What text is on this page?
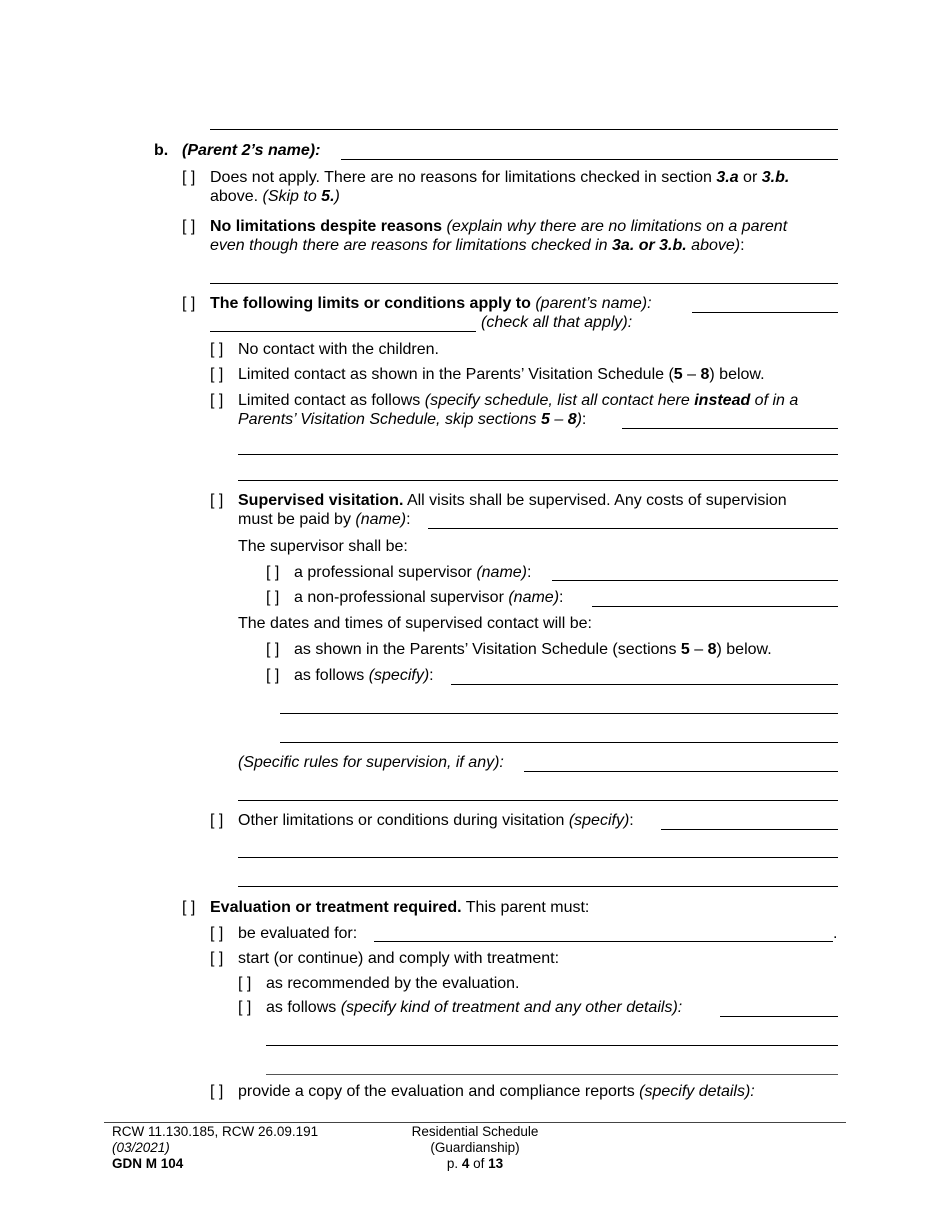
b. (Parent 2’s name):
[ ] Does not apply. There are no reasons for limitations checked in section 3.a or 3.b.
above. (Skip to 5.)
[ ] No limitations despite reasons (explain why there are no limitations on a parent
even though there are reasons for limitations checked in 3a. or 3.b. above):
[ ] The following limits or conditions apply to (parent’s name):
(check all that apply):
[ ] No contact with the children.
[ ] Limited contact as shown in the Parents’ Visitation Schedule (5 – 8) below.
[ ] Limited contact as follows (specify schedule, list all contact here instead of in a
Parents’ Visitation Schedule, skip sections 5 – 8):
[ ] Supervised visitation. All visits shall be supervised. Any costs of supervision
must be paid by (name):
The supervisor shall be:
[ ] a professional supervisor (name):
[ ] a non-professional supervisor (name):
The dates and times of supervised contact will be:
[ ] as shown in the Parents’ Visitation Schedule (sections 5 – 8) below.
[ ] as follows (specify):
(Specific rules for supervision, if any):
[ ] Other limitations or conditions during visitation (specify):
[ ] Evaluation or treatment required. This parent must:
[ ] be evaluated for:	.
[ ] start (or continue) and comply with treatment:
[ ] as recommended by the evaluation.
[ ] as follows (specify kind of treatment and any other details):
[ ] provide a copy of the evaluation and compliance reports (specify details):
RCW 11.130.185, RCW 26.09.191
(03/2021)
GDN M 104
Residential Schedule
(Guardianship)
p. 4 of 13
